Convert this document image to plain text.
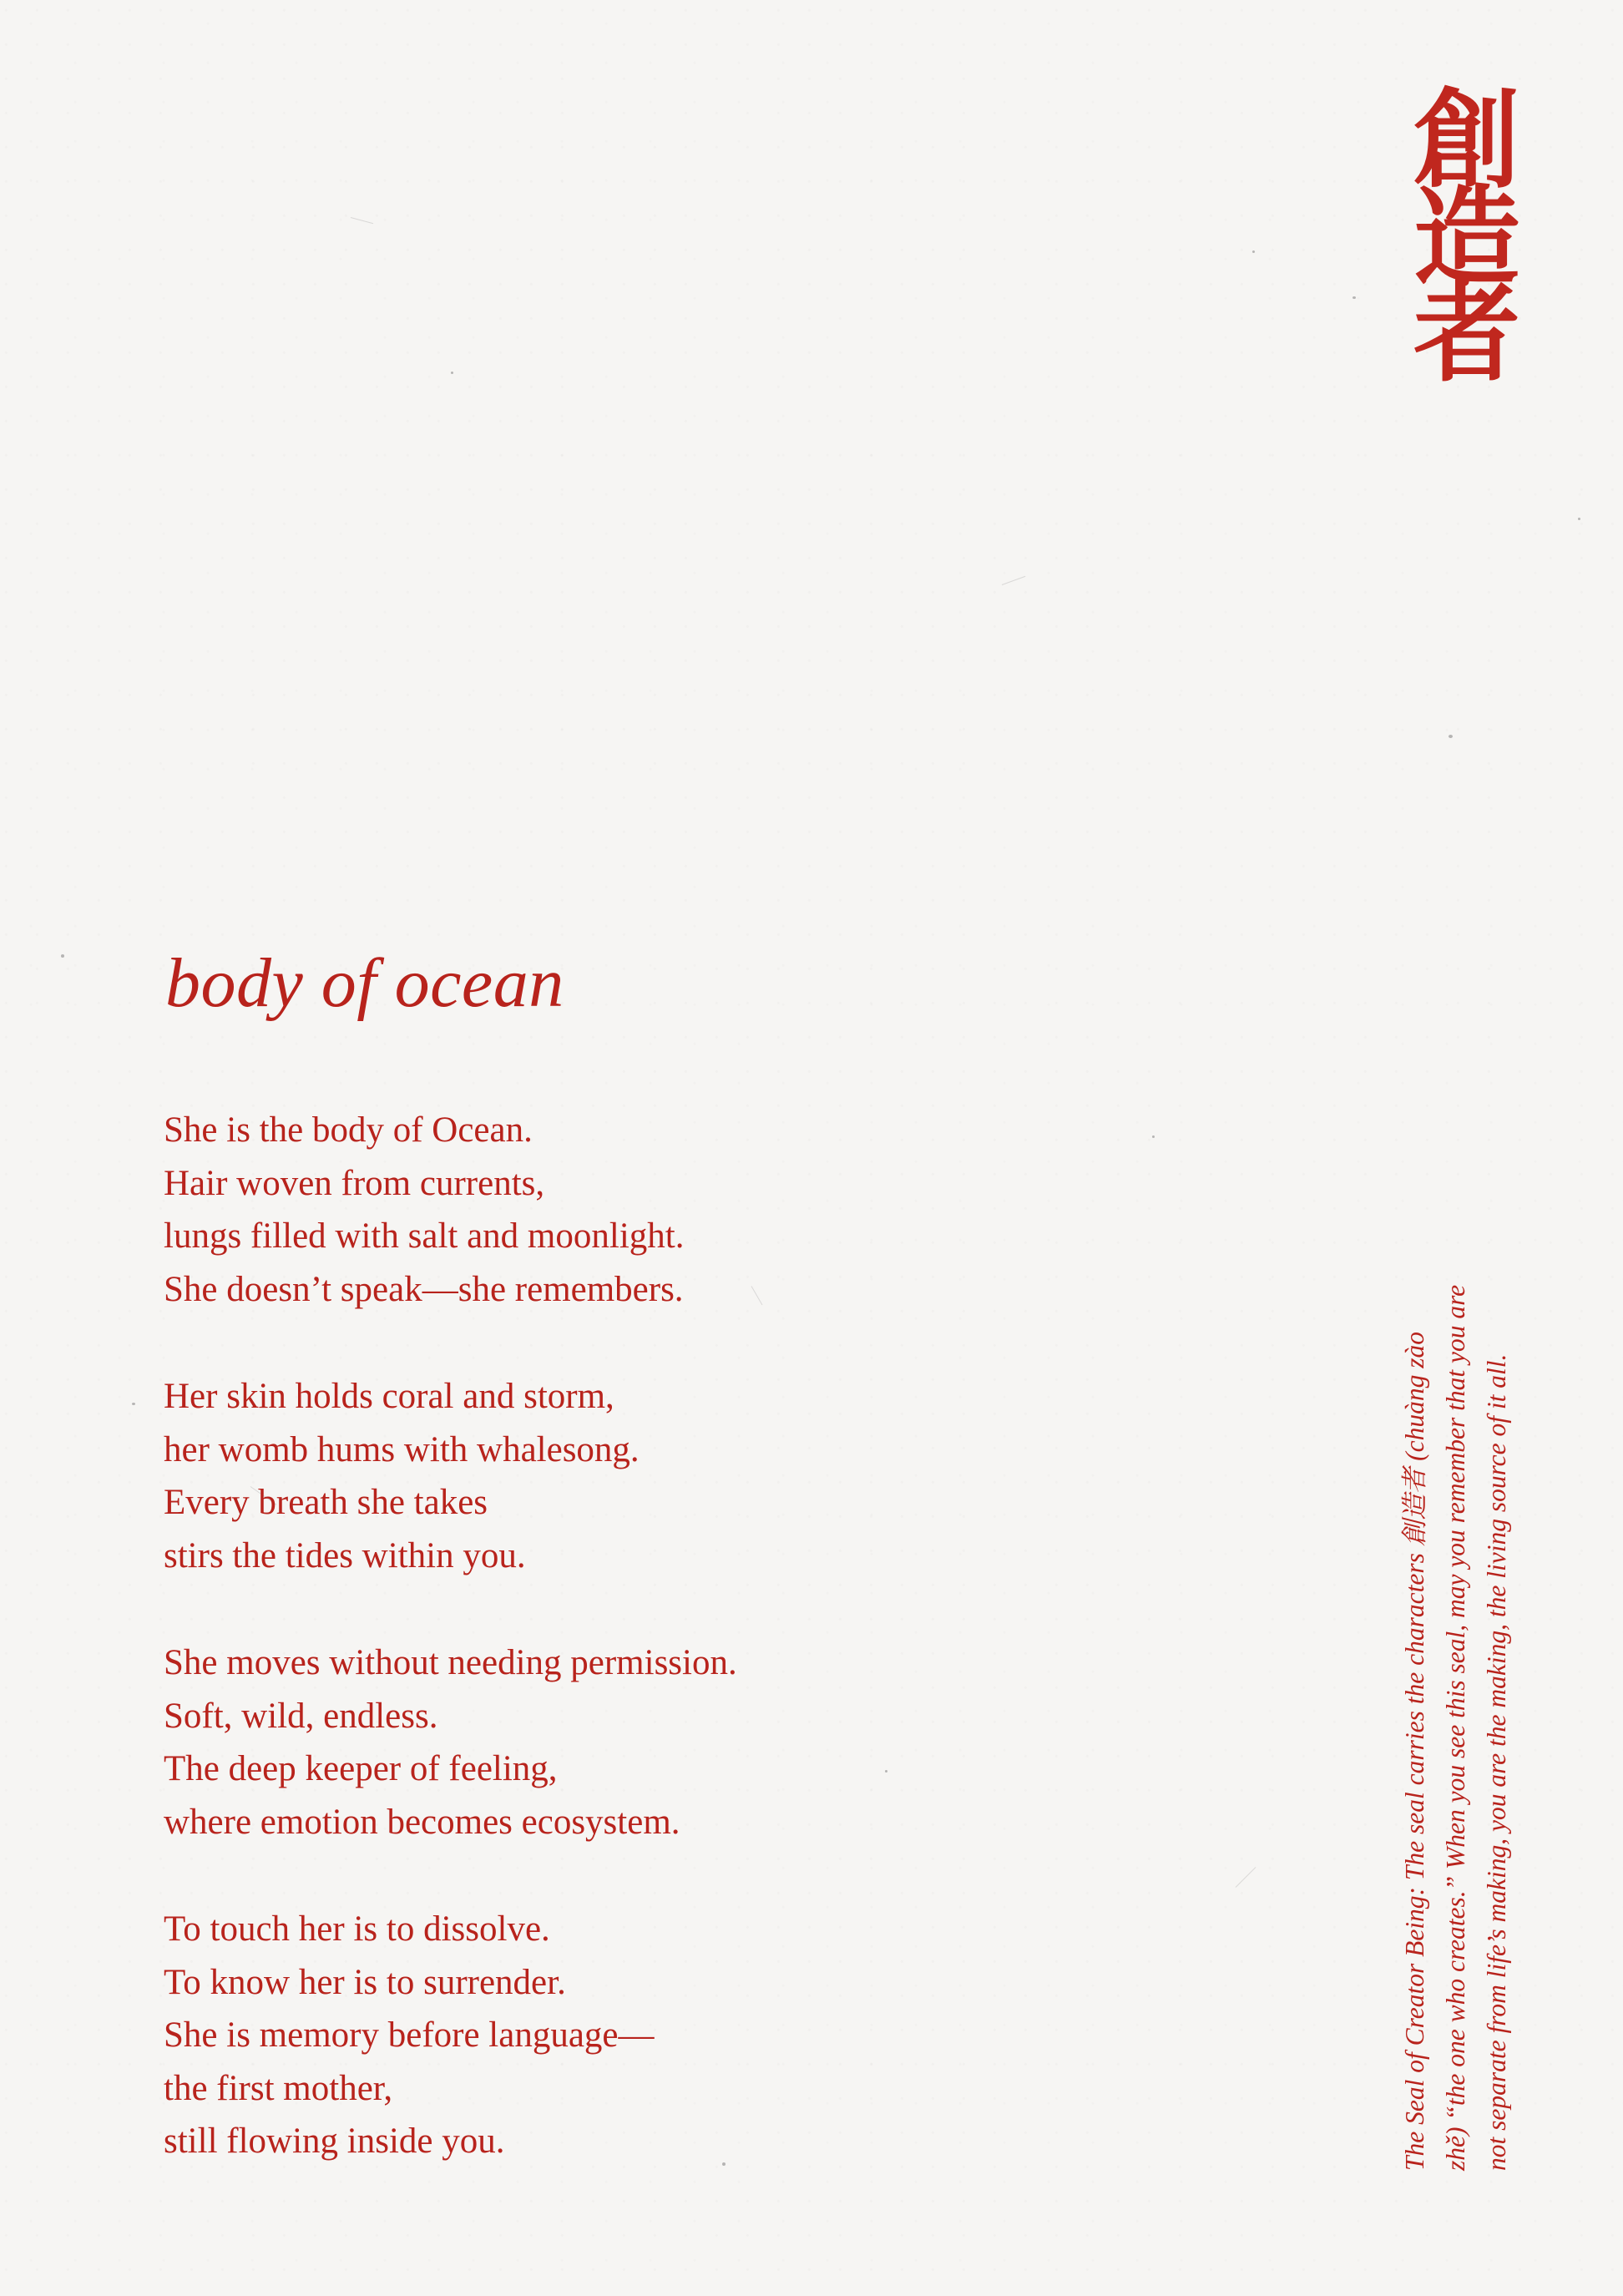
創
造
者
body of ocean
She is the body of Ocean.
Hair woven from currents,
lungs filled with salt and moonlight.
She doesn’t speak—she remembers.
Her skin holds coral and storm,
her womb hums with whalesong.
Every breath she takes
stirs the tides within you.
She moves without needing permission.
Soft, wild, endless.
The deep keeper of feeling,
where emotion becomes ecosystem.
To touch her is to dissolve.
To know her is to surrender.
She is memory before language—
the first mother,
still flowing inside you.	The Seal of Creator Being: The seal carries the characters 創造者 (chuàng zào zhě) “the one who creates.” When you see this seal, may you remember that you are not separate from life’s making, you are the making, the living source of it all.
